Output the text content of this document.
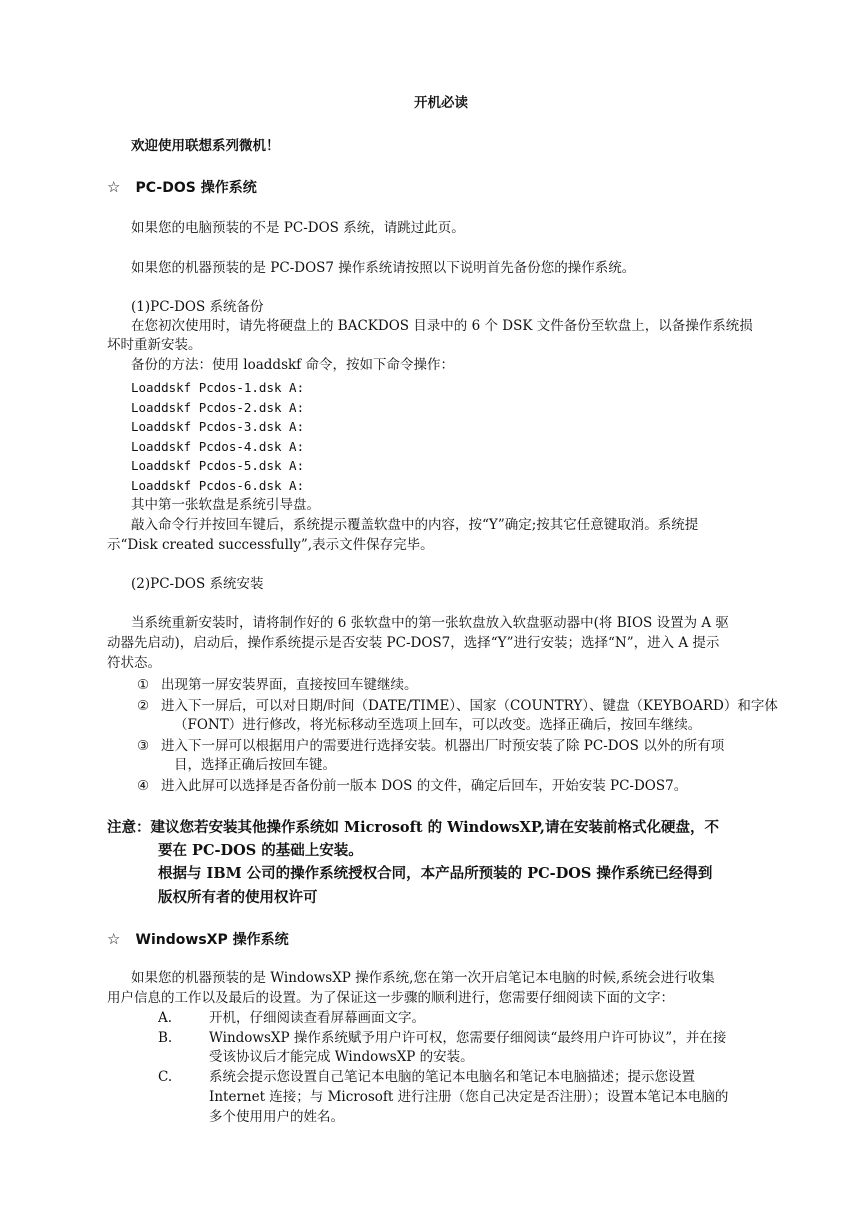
开机必读
欢迎使用联想系列微机！
☆ PC-DOS 操作系统
如果您的电脑预装的不是 PC-DOS 系统，请跳过此页。
如果您的机器预装的是 PC-DOS7 操作系统请按照以下说明首先备份您的操作系统。
(1)PC-DOS 系统备份
在您初次使用时，请先将硬盘上的 BACKDOS 目录中的 6 个 DSK 文件备份至软盘上，以备操作系统损
坏时重新安装。
备份的方法：使用 loaddskf 命令，按如下命令操作：
Loaddskf Pcdos-1.dsk A:
Loaddskf Pcdos-2.dsk A:
Loaddskf Pcdos-3.dsk A:
Loaddskf Pcdos-4.dsk A:
Loaddskf Pcdos-5.dsk A:
Loaddskf Pcdos-6.dsk A:
其中第一张软盘是系统引导盘。
敲入命令行并按回车键后，系统提示覆盖软盘中的内容，按“Y”确定;按其它任意键取消。系统提
示“Disk created successfully”,表示文件保存完毕。
(2)PC-DOS 系统安装
当系统重新安装时，请将制作好的 6 张软盘中的第一张软盘放入软盘驱动器中(将 BIOS 设置为 A 驱
动器先启动)，启动后，操作系统提示是否安装 PC-DOS7，选择“Y”进行安装；选择“N”，进入 A 提示
符状态。
① 出现第一屏安装界面，直接按回车键继续。
② 进入下一屏后，可以对日期/时间（DATE/TIME）、国家（COUNTRY）、键盘（KEYBOARD）和字体
（FONT）进行修改，将光标移动至选项上回车，可以改变。选择正确后，按回车继续。
③ 进入下一屏可以根据用户的需要进行选择安装。机器出厂时预安装了除 PC-DOS 以外的所有项
目，选择正确后按回车键。
④ 进入此屏可以选择是否备份前一版本 DOS 的文件，确定后回车，开始安装 PC-DOS7。
注意：建议您若安装其他操作系统如 Microsoft 的 WindowsXP,请在安装前格式化硬盘，不
要在 PC-DOS 的基础上安装。
根据与 IBM 公司的操作系统授权合同，本产品所预装的 PC-DOS 操作系统已经得到
版权所有者的使用权许可
☆ WindowsXP 操作系统
如果您的机器预装的是 WindowsXP 操作系统,您在第一次开启笔记本电脑的时候,系统会进行收集
用户信息的工作以及最后的设置。为了保证这一步骤的顺利进行，您需要仔细阅读下面的文字：
A.	开机，仔细阅读查看屏幕画面文字。
B.	WindowsXP 操作系统赋予用户许可权，您需要仔细阅读“最终用户许可协议”，并在接
受该协议后才能完成 WindowsXP 的安装。
C.	系统会提示您设置自己笔记本电脑的笔记本电脑名和笔记本电脑描述；提示您设置
Internet 连接；与 Microsoft 进行注册（您自己决定是否注册）；设置本笔记本电脑的
多个使用用户的姓名。
